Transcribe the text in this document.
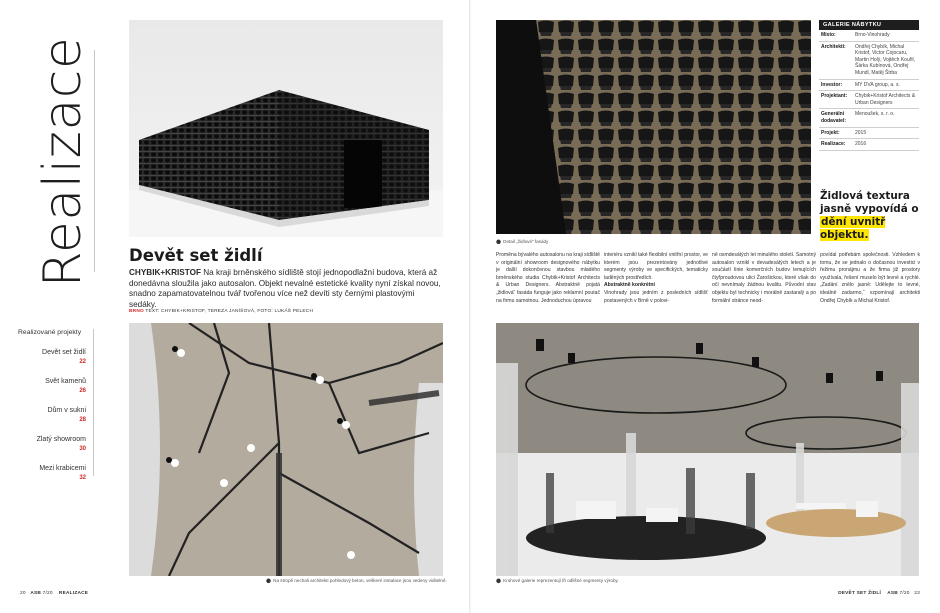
Realizace Devět set židlí
CHYBIK+KRISTOF Na kraji brněnského sídliště stojí jednopodlažní budova, která až donedávna sloužila jako autosalon. Objekt nevalné estetické kvality nyní získal novou, snadno zapamatovatelnou tvář tvořenou více než devíti sty černými plastovými sedáky.
BRNO TEXT: CHYBIK+KRISTOF, TEREZA JANÍŠOVÁ, FOTO: LUKÁŠ PELECH
Realizované projekty
Devět set židlí
22
Svět kamenů
26
Dům v sukni
28
Zlatý showroom
30
Mezi krabicemi
32
⬤ Na stropě nechali architekti pohledový beton, veškeré instalace jsou vedeny viditelně.
20 ASB 7/20 REALIZACE
⬤ Detail „židlové“ fasády
GALERIE NÁBYTKU
Místo:	Brno-Vinohrady
Architekti:	Ondřej Chybík, Michal Kristof, Victor Cojocaru, Martin Holý, Vojtěch Kouřil, Šárka Kubínová, Ondřej Mundl, Matěj Štrba
Investor:	MY DVA group, a. s.
Projektant:	Chybik+Kristof Architects & Urban Designers
Generální dodavatel:
Menoušek, s. r. o.
Projekt:	2015
Realizace:	2016
Židlová textura jasně vypovídá o dění uvnitř objektu.
Proměna bývalého autosalonu na kraji sídliště v originální showroom designového nábytku je další dokončenou stavbou mladého brněnského studia Chybik+Kristof Architects & Urban Designers. Abstraktně pojatá „židlová“ fasáda funguje jako reklamní poutač na firmu samotnou. Jednoduchou úpravou
interiéru vznikl také flexibilní vnitřní prostor, ve kterém jsou prezentovány jednotlivé segmenty výroby ve specifických, tematicky laděných prostředích.
Abstraktně konkrétní
Vinohrady jsou jedním z posledních sídlišť postavených v Brně v polovi-
ně osmdesátých let minulého století. Samotný autosalon vznikl v devadesátých letech a je součástí linie komerčních budov lemujících čtyřproudovou ulici Žarošickou, které však do očí nevnímaly žádnou kvalitu. Původní stav objektu byl technicky i morálně zastaralý a po formální stránce neod-
povídal potřebám společnosti. Vzhledem k tomu, že se jednalo o dočasnou investici v řežimu pronájmu a že firma již prostory využívala, řešení muselo být levné a rychlé. „Zadání znělo jasně: Udělejte to levné, ideálně zadarmo,“ vzpomínají architekti Ondřej Chybík a Michal Kristof.
⬤ Kruhové galerie reprezentují tři odlišné segmenty výroby.
DEVĚT SET ŽIDLÍ ASB 7/20 23
